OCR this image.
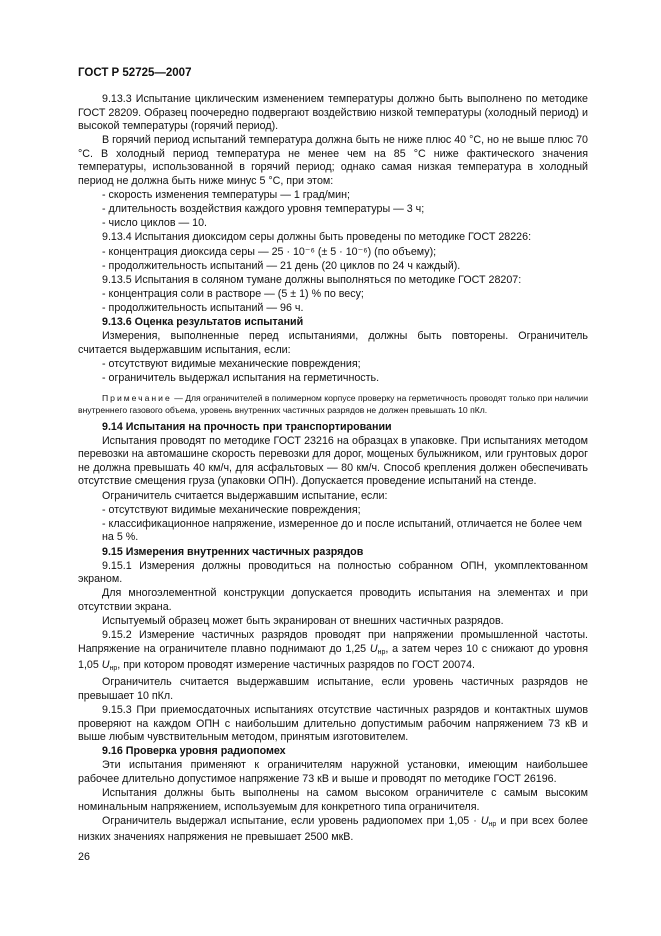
ГОСТ Р 52725—2007

9.13.3 Испытание циклическим изменением температуры должно быть выполнено по методике ГОСТ 28209. Образец поочередно подвергают воздействию низкой температуры (холодный период) и высокой температуры (горячий период).

В горячий период испытаний температура должна быть не ниже плюс 40 °С, но не выше плюс 70 °С. В холодный период температура не менее чем на 85 °С ниже фактического значения температуры, использованной в горячий период; однако самая низкая температура в холодный период не должна быть ниже минус 5 °С, при этом:

- скорость изменения температуры — 1 град/мин;
- длительность воздействия каждого уровня температуры — 3 ч;
- число циклов — 10.

9.13.4 Испытания диоксидом серы должны быть проведены по методике ГОСТ 28226:

- концентрация диоксида серы — 25 · 10⁻⁶ (± 5 · 10⁻⁶) (по объему);
- продолжительность испытаний — 21 день (20 циклов по 24 ч каждый).

9.13.5 Испытания в соляном тумане должны выполняться по методике ГОСТ 28207:

- концентрация соли в растворе — (5 ± 1) % по весу;
- продолжительность испытаний — 96 ч.
9.13.6 Оценка результатов испытаний

Измерения, выполненные перед испытаниями, должны быть повторены. Ограничитель считается выдержавшим испытания, если:

- отсутствуют видимые механические повреждения;
- ограничитель выдержал испытания на герметичность.

Примечание — Для ограничителей в полимерном корпусе проверку на герметичность проводят только при наличии внутреннего газового объема, уровень внутренних частичных разрядов не должен превышать 10 пКл.

9.14 Испытания на прочность при транспортировании

Испытания проводят по методике ГОСТ 23216 на образцах в упаковке. При испытаниях методом перевозки на автомашине скорость перевозки для дорог, мощеных булыжником, или грунтовых дорог не должна превышать 40 км/ч, для асфальтовых — 80 км/ч. Способ крепления должен обеспечивать отсутствие смещения груза (упаковки ОПН). Допускается проведение испытаний на стенде.

Ограничитель считается выдержавшим испытание, если:

- отсутствуют видимые механические повреждения;
- классификационное напряжение, измеренное до и после испытаний, отличается не более чем на 5 %.
9.15 Измерения внутренних частичных разрядов

9.15.1 Измерения должны проводиться на полностью собранном ОПН, укомплектованном экраном.

Для многоэлементной конструкции допускается проводить испытания на элементах и при отсутствии экрана.

Испытуемый образец может быть экранирован от внешних частичных разрядов.

9.15.2 Измерение частичных разрядов проводят при напряжении промышленной частоты. Напряжение на ограничителе плавно поднимают до 1,25 $U_{нр}$, а затем через 10 с снижают до уровня 1,05 $U_{нр}$, при котором проводят измерение частичных разрядов по ГОСТ 20074.

Ограничитель считается выдержавшим испытание, если уровень частичных разрядов не превышает 10 пКл.

9.15.3 При приемосдаточных испытаниях отсутствие частичных разрядов и контактных шумов проверяют на каждом ОПН с наибольшим длительно допустимым рабочим напряжением 73 кВ и выше любым чувствительным методом, принятым изготовителем.

9.16 Проверка уровня радиопомех

Эти испытания применяют к ограничителям наружной установки, имеющим наибольшее рабочее длительно допустимое напряжение 73 кВ и выше и проводят по методике ГОСТ 26196.

Испытания должны быть выполнены на самом высоком ограничителе с самым высоким номинальным напряжением, используемым для конкретного типа ограничителя.

Ограничитель выдержал испытание, если уровень радиопомех при $1,05 \cdot U_{нр}$ и при всех более низких значениях напряжения не превышает 2500 мкВ.

26
